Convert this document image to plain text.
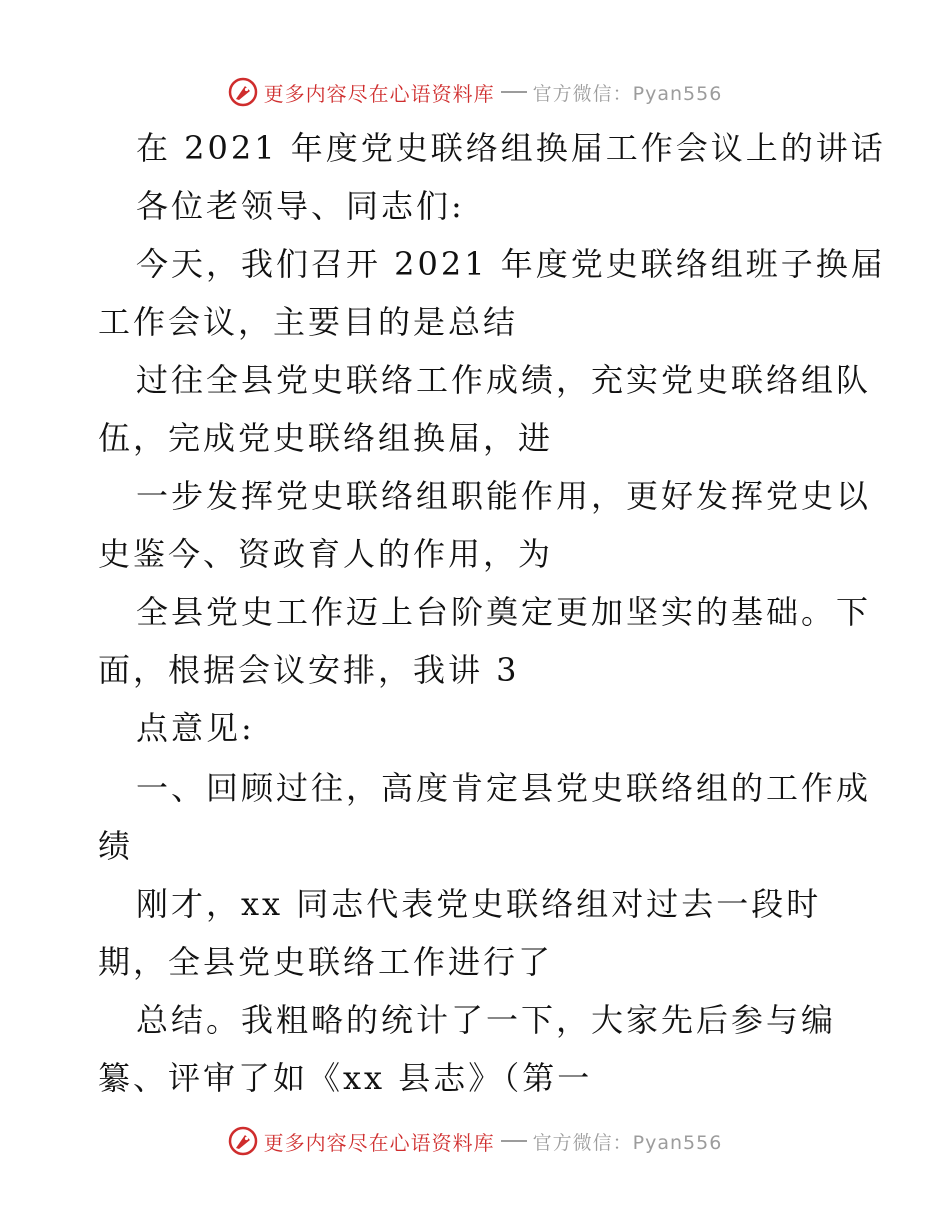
更多内容尽在心语资料库 官方微信：Pyan556
在 2021 年度党史联络组换届工作会议上的讲话
各位老领导、同志们:
今天，我们召开 2021 年度党史联络组班子换届
工作会议，主要目的是总结
过往全县党史联络工作成绩，充实党史联络组队
伍，完成党史联络组换届，进
一步发挥党史联络组职能作用，更好发挥党史以
史鉴今、资政育人的作用，为
全县党史工作迈上台阶奠定更加坚实的基础。下
面，根据会议安排，我讲 3
点意见:
一、回顾过往，高度肯定县党史联络组的工作成
绩
刚才，xx 同志代表党史联络组对过去一段时
期，全县党史联络工作进行了
总结。我粗略的统计了一下，大家先后参与编
纂、评审了如《xx 县志》（第一
更多内容尽在心语资料库 官方微信：Pyan556
